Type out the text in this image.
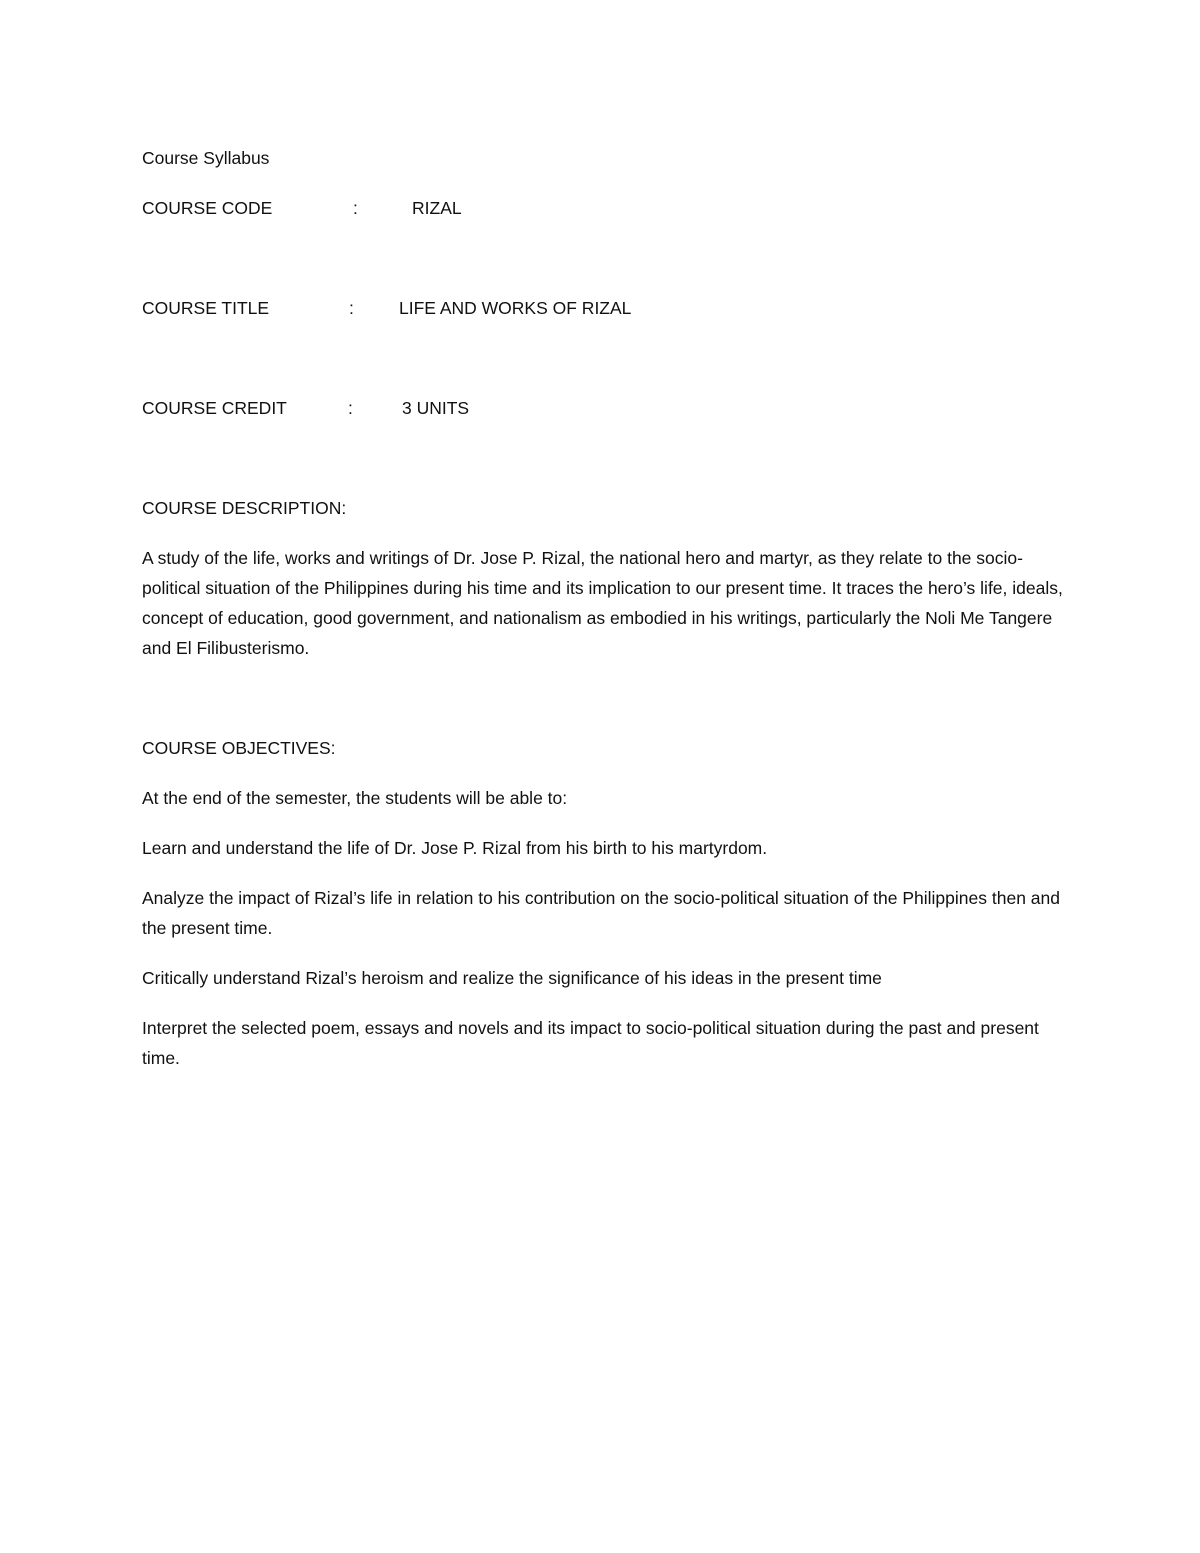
Course Syllabus

COURSE CODE	:	RIZAL
COURSE TITLE	:	LIFE AND WORKS OF RIZAL
COURSE CREDIT	:	3 UNITS

COURSE DESCRIPTION:

A study of the life, works and writings of Dr. Jose P. Rizal, the national hero and martyr, as they relate to the socio-political situation of the Philippines during his time and its implication to our present time. It traces the hero’s life, ideals, concept of education, good government, and nationalism as embodied in his writings, particularly the Noli Me Tangere and El Filibusterismo.

COURSE OBJECTIVES:

At the end of the semester, the students will be able to:

Learn and understand the life of Dr. Jose P. Rizal from his birth to his martyrdom.

Analyze the impact of Rizal’s life in relation to his contribution on the socio-political situation of the Philippines then and the present time.

Critically understand Rizal’s heroism and realize the significance of his ideas in the present time

Interpret the selected poem, essays and novels and its impact to socio-political situation during the past and present time.
